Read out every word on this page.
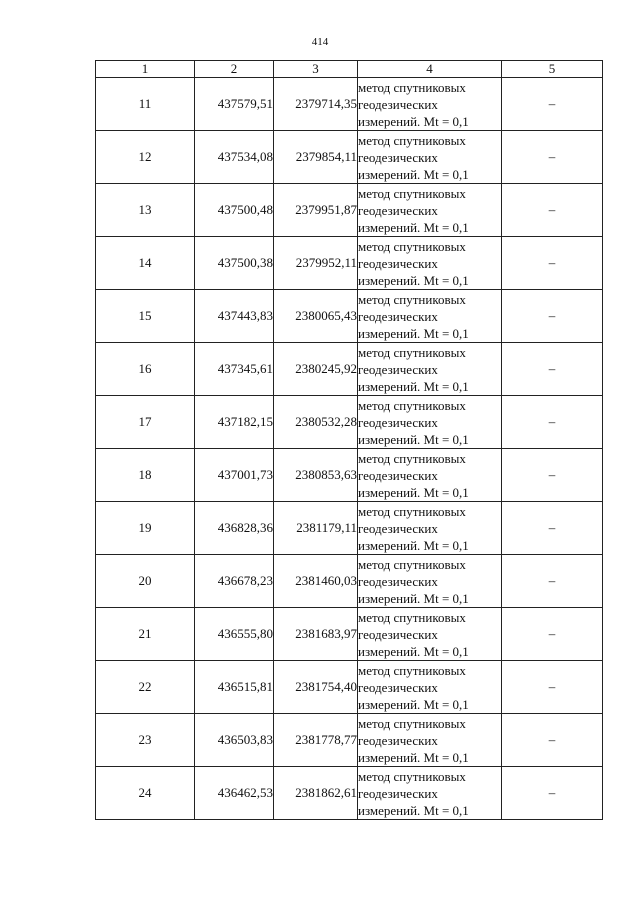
414
1	2	3	4	5
11	437579,51	2379714,35	метод спутниковых
геодезических
измерений. Mt = 0,1	–
12	437534,08	2379854,11	метод спутниковых
геодезических
измерений. Mt = 0,1	–
13	437500,48	2379951,87	метод спутниковых
геодезических
измерений. Mt = 0,1	–
14	437500,38	2379952,11	метод спутниковых
геодезических
измерений. Mt = 0,1	–
15	437443,83	2380065,43	метод спутниковых
геодезических
измерений. Mt = 0,1	–
16	437345,61	2380245,92	метод спутниковых
геодезических
измерений. Mt = 0,1	–
17	437182,15	2380532,28	метод спутниковых
геодезических
измерений. Mt = 0,1	–
18	437001,73	2380853,63	метод спутниковых
геодезических
измерений. Mt = 0,1	–
19	436828,36	2381179,11	метод спутниковых
геодезических
измерений. Mt = 0,1	–
20	436678,23	2381460,03	метод спутниковых
геодезических
измерений. Mt = 0,1	–
21	436555,80	2381683,97	метод спутниковых
геодезических
измерений. Mt = 0,1	–
22	436515,81	2381754,40	метод спутниковых
геодезических
измерений. Mt = 0,1	–
23	436503,83	2381778,77	метод спутниковых
геодезических
измерений. Mt = 0,1	–
24	436462,53	2381862,61	метод спутниковых
геодезических
измерений. Mt = 0,1	–
